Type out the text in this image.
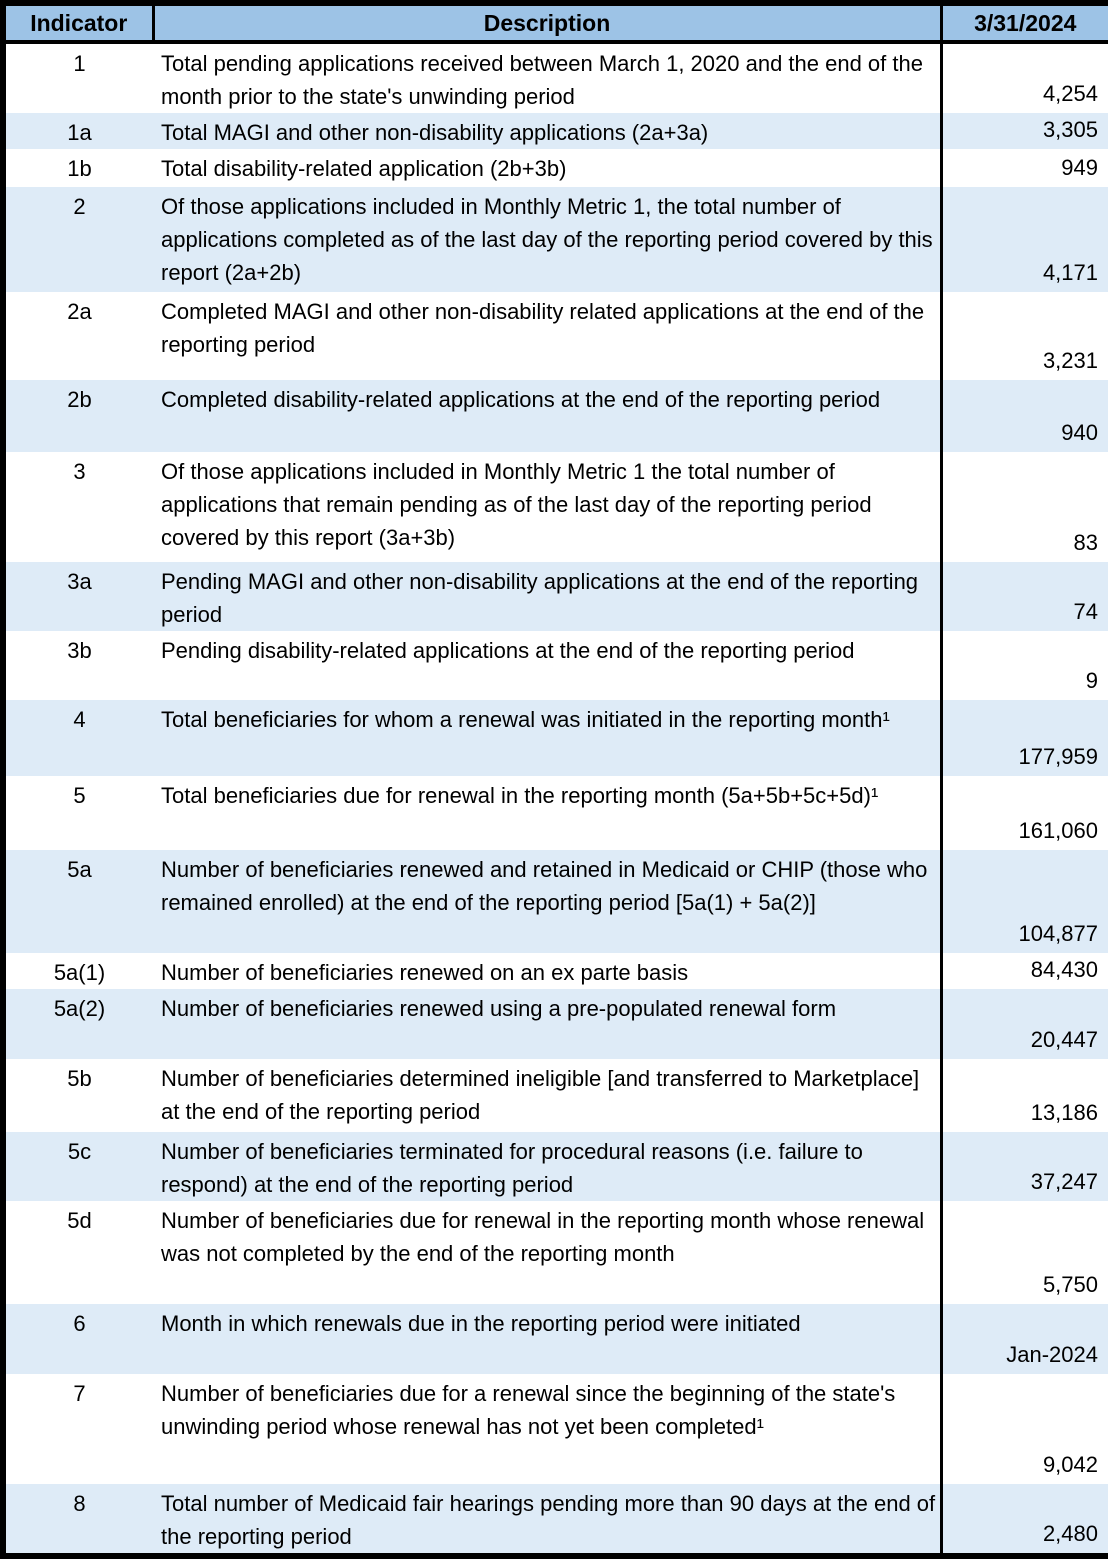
Indicator	Description	3/31/2024
1	Total pending applications received between March 1, 2020 and the end of the month prior to the state's unwinding period	4,254
1a	Total MAGI and other non-disability applications (2a+3a)	3,305
1b	Total disability-related application (2b+3b)	949
2	Of those applications included in Monthly Metric 1, the total number of applications completed as of the last day of the reporting period covered by this report (2a+2b)	4,171
2a	Completed MAGI and other non-disability related applications at the end of the reporting period	3,231
2b	Completed disability-related applications at the end of the reporting period	940
3	Of those applications included in Monthly Metric 1 the total number of applications that remain pending as of the last day of the reporting period covered by this report (3a+3b)	83
3a	Pending MAGI and other non-disability applications at the end of the reporting period	74
3b	Pending disability-related applications at the end of the reporting period	9
4	Total beneficiaries for whom a renewal was initiated in the reporting month¹	177,959
5	Total beneficiaries due for renewal in the reporting month (5a+5b+5c+5d)¹	161,060
5a	Number of beneficiaries renewed and retained in Medicaid or CHIP (those who remained enrolled) at the end of the reporting period [5a(1) + 5a(2)]	104,877
5a(1)	Number of beneficiaries renewed on an ex parte basis	84,430
5a(2)	Number of beneficiaries renewed using a pre-populated renewal form	20,447
5b	Number of beneficiaries determined ineligible [and transferred to Marketplace] at the end of the reporting period	13,186
5c	Number of beneficiaries terminated for procedural reasons (i.e. failure to respond) at the end of the reporting period	37,247
5d	Number of beneficiaries due for renewal in the reporting month whose renewal was not completed by the end of the reporting month	5,750
6	Month in which renewals due in the reporting period were initiated	Jan-2024
7	Number of beneficiaries due for a renewal since the beginning of the state's unwinding period whose renewal has not yet been completed¹	9,042
8	Total number of Medicaid fair hearings pending more than 90 days at the end of the reporting period	2,480
